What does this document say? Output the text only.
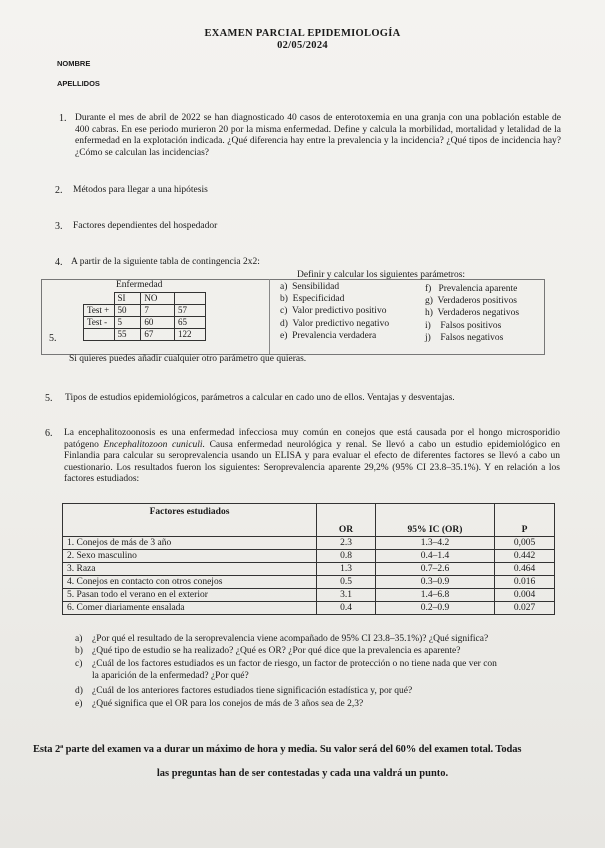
EXAMEN PARCIAL EPIDEMIOLOGÍA
02/05/2024
NOMBRE
APELLIDOS
1. Durante el mes de abril de 2022 se han diagnosticado 40 casos de enterotoxemia en una granja con una población estable de 400 cabras. En ese periodo murieron 20 por la misma enfermedad. Define y calcula la morbilidad, mortalidad y letalidad de la enfermedad en la explotación indicada. ¿Qué diferencia hay entre la prevalencia y la incidencia? ¿Qué tipos de incidencia hay? ¿Cómo se calculan las incidencias?
2. Métodos para llegar a una hipótesis
3. Factores dependientes del hospedador
4. A partir de la siguiente tabla de contingencia 2x2:
Definir y calcular los siguientes parámetros:
5.
Enfermedad
	SI	NO	
Test +	50	7	57
Test -	5	60	65
	55	67	122
a) Sensibilidad
b) Especificidad
c) Valor predictivo positivo
d) Valor predictivo negativo
e) Prevalencia verdadera
f) Prevalencia aparente
g) Verdaderos positivos
h) Verdaderos negativos
i) Falsos positivos
j) Falsos negativos
Si quieres puedes añadir cualquier otro parámetro que quieras.
5. Tipos de estudios epidemiológicos, parámetros a calcular en cado uno de ellos. Ventajas y desventajas.
6. La encephalitozoonosis es una enfermedad infecciosa muy común en conejos que está causada por el hongo microsporidio patógeno Encephalitozoon cuniculi. Causa enfermedad neurológica y renal. Se llevó a cabo un estudio epidemiológico en Finlandia para calcular su seroprevalencia usando un ELISA y para evaluar el efecto de diferentes factores se llevó a cabo un cuestionario. Los resultados fueron los siguientes: Seroprevalencia aparente 29,2% (95% CI 23.8–35.1%). Y en relación a los factores estudiados:
Factores estudiados	OR	95% IC (OR)	P
1. Conejos de más de 3 año	2.3	1.3–4.2	0,005
2. Sexo masculino	0.8	0.4–1.4	0.442
3. Raza	1.3	0.7–2.6	0.464
4. Conejos en contacto con otros conejos	0.5	0.3–0.9	0.016
5. Pasan todo el verano en el exterior	3.1	1.4–6.8	0.004
6. Comer diariamente ensalada	0.4	0.2–0.9	0.027
a) ¿Por qué el resultado de la seroprevalencia viene acompañado de 95% CI 23.8–35.1%)? ¿Qué significa?
b) ¿Qué tipo de estudio se ha realizado? ¿Qué es OR? ¿Por qué dice que la prevalencia es aparente?
c) ¿Cuál de los factores estudiados es un factor de riesgo, un factor de protección o no tiene nada que ver con
la aparición de la enfermedad? ¿Por qué?
d) ¿Cuál de los anteriores factores estudiados tiene significación estadística y, por qué?
e) ¿Qué significa que el OR para los conejos de más de 3 años sea de 2,3?
Esta 2ª parte del examen va a durar un máximo de hora y media. Su valor será del 60% del examen total. Todas
las preguntas han de ser contestadas y cada una valdrá un punto.
